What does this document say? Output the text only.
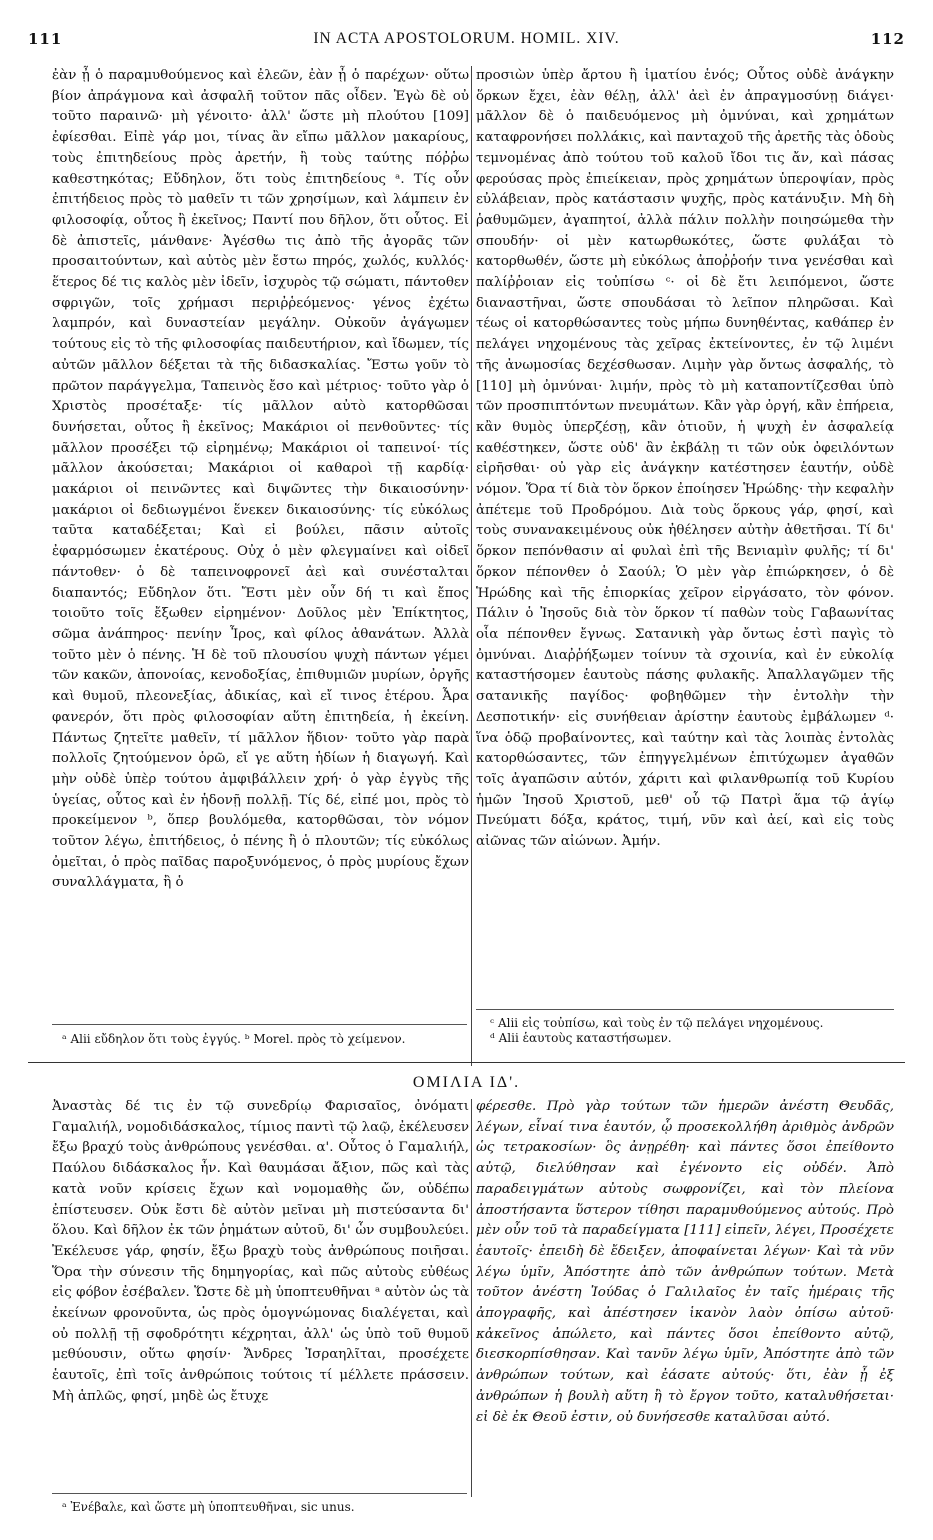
111	IN ACTA APOSTOLORUM. HOMIL. XIV.	112

ἐὰν ᾖ ὁ παραμυθούμενος καὶ ἐλεῶν, ἐὰν ᾖ ὁ παρέχων· οὕτω βίον ἀπράγμονα καὶ ἀσφαλῆ τοῦτον πᾶς οἶδεν. Ἐγὼ δὲ οὐ τοῦτο παραινῶ· μὴ γένοιτο· ἀλλ' ὥστε μὴ πλούτου [109] ἐφίεσθαι. Εἰπὲ γάρ μοι, τίνας ἂν εἴπω μᾶλλον μακαρίους, τοὺς ἐπιτηδείους πρὸς ἀρετήν, ἢ τοὺς ταύτης πόῤῥω καθεστηκότας; Εὔδηλον, ὅτι τοὺς ἐπιτηδείους ᵃ. Τίς οὖν ἐπιτήδειος πρὸς τὸ μαθεῖν τι τῶν χρησίμων, καὶ λάμπειν ἐν φιλοσοφίᾳ, οὗτος ἢ ἐκεῖνος; Παντί που δῆλον, ὅτι οὗτος. Εἰ δὲ ἀπιστεῖς, μάνθανε· Ἀγέσθω τις ἀπὸ τῆς ἀγορᾶς τῶν προσαιτούντων, καὶ αὐτὸς μὲν ἔστω πηρός, χωλός, κυλλός· ἕτερος δέ τις καλὸς μὲν ἰδεῖν, ἰσχυρὸς τῷ σώματι, πάντοθεν σφριγῶν, τοῖς χρήμασι περιῤῥεόμενος· γένος ἐχέτω λαμπρόν, καὶ δυναστείαν μεγάλην. Οὐκοῦν ἀγάγωμεν τούτους εἰς τὸ τῆς φιλοσοφίας παιδευτήριον, καὶ ἴδωμεν, τίς αὐτῶν μᾶλλον δέξεται τὰ τῆς διδασκαλίας. Ἔστω γοῦν τὸ πρῶτον παράγγελμα, Ταπεινὸς ἔσο καὶ μέτριος· τοῦτο γὰρ ὁ Χριστὸς προσέταξε· τίς μᾶλλον αὐτὸ κατορθῶσαι δυνήσεται, οὗτος ἢ ἐκεῖνος; Μακάριοι οἱ πενθοῦντες· τίς μᾶλλον προσέξει τῷ εἰρημένῳ; Μακάριοι οἱ ταπεινοί· τίς μᾶλλον ἀκούσεται; Μακάριοι οἱ καθαροὶ τῇ καρδίᾳ· μακάριοι οἱ πεινῶντες καὶ διψῶντες τὴν δικαιοσύνην· μακάριοι οἱ δεδιωγμένοι ἕνεκεν δικαιοσύνης· τίς εὐκόλως ταῦτα καταδέξεται; Καὶ εἰ βούλει, πᾶσιν αὐτοῖς ἐφαρμόσωμεν ἑκατέρους. Οὐχ ὁ μὲν φλεγμαίνει καὶ οἰδεῖ πάντοθεν· ὁ δὲ ταπεινοφρονεῖ ἀεὶ καὶ συνέσταλται διαπαντός; Εὔδηλον ὅτι. Ἔστι μὲν οὖν δή τι καὶ ἔπος τοιοῦτο τοῖς ἔξωθεν εἰρημένον· Δοῦλος μὲν Ἐπίκτητος, σῶμα ἀνάπηρος· πενίην Ἶρος, καὶ φίλος ἀθανάτων. Ἀλλὰ τοῦτο μὲν ὁ πένης. Ἡ δὲ τοῦ πλουσίου ψυχὴ πάντων γέμει τῶν κακῶν, ἀπονοίας, κενοδοξίας, ἐπιθυμιῶν μυρίων, ὀργῆς καὶ θυμοῦ, πλεονεξίας, ἀδικίας, καὶ εἴ τινος ἑτέρου. Ἆρα φανερόν, ὅτι πρὸς φιλοσοφίαν αὕτη ἐπιτηδεία, ἡ ἐκείνη. Πάντως ζητεῖτε μαθεῖν, τί μᾶλλον ἥδιον· τοῦτο γὰρ παρὰ πολλοῖς ζητούμενον ὁρῶ, εἴ γε αὕτη ἡδίων ἡ διαγωγή. Καὶ μὴν οὐδὲ ὑπὲρ τούτου ἀμφιβάλλειν χρή· ὁ γὰρ ἐγγὺς τῆς ὑγείας, οὗτος καὶ ἐν ἡδονῇ πολλῇ. Τίς δέ, εἰπέ μοι, πρὸς τὸ προκείμενον ᵇ, ὅπερ βουλόμεθα, κατορθῶσαι, τὸν νόμον τοῦτον λέγω, ἐπιτήδειος, ὁ πένης ἢ ὁ πλουτῶν; τίς εὐκόλως ὀμεῖται, ὁ πρὸς παῖδας παροξυνόμενος, ὁ πρὸς μυρίους ἔχων συναλλάγματα, ἢ ὁ

προσιὼν ὑπὲρ ἄρτου ἢ ἱματίου ἑνός; Οὗτος οὐδὲ ἀνάγκην ὅρκων ἔχει, ἐὰν θέλῃ, ἀλλ' ἀεὶ ἐν ἀπραγμοσύνῃ διάγει· μᾶλλον δὲ ὁ παιδευόμενος μὴ ὀμνύναι, καὶ χρημάτων καταφρονήσει πολλάκις, καὶ πανταχοῦ τῆς ἀρετῆς τὰς ὁδοὺς τεμνομένας ἀπὸ τούτου τοῦ καλοῦ ἴδοι τις ἄν, καὶ πάσας φερούσας πρὸς ἐπιείκειαν, πρὸς χρημάτων ὑπεροψίαν, πρὸς εὐλάβειαν, πρὸς κατάστασιν ψυχῆς, πρὸς κατάνυξιν. Μὴ δὴ ῥαθυμῶμεν, ἀγαπητοί, ἀλλὰ πάλιν πολλὴν ποιησώμεθα τὴν σπουδήν· οἱ μὲν κατωρθωκότες, ὥστε φυλάξαι τὸ κατορθωθέν, ὥστε μὴ εὐκόλως ἀποῤῥοήν τινα γενέσθαι καὶ παλίῤῥοιαν εἰς τοὐπίσω ᶜ· οἱ δὲ ἔτι λειπόμενοι, ὥστε διαναστῆναι, ὥστε σπουδάσαι τὸ λεῖπον πληρῶσαι. Καὶ τέως οἱ κατορθώσαντες τοὺς μήπω δυνηθέντας, καθάπερ ἐν πελάγει νηχομένους τὰς χεῖρας ἐκτείνοντες, ἐν τῷ λιμένι τῆς ἀνωμοσίας δεχέσθωσαν. Λιμὴν γὰρ ὄντως ἀσφαλής, τὸ [110] μὴ ὀμνύναι· λιμήν, πρὸς τὸ μὴ καταποντίζεσθαι ὑπὸ τῶν προσπιπτόντων πνευμάτων. Κἂν γὰρ ὀργή, κἂν ἐπήρεια, κἂν θυμὸς ὑπερζέσῃ, κἂν ὁτιοῦν, ἡ ψυχὴ ἐν ἀσφαλείᾳ καθέστηκεν, ὥστε οὐδ' ἂν ἐκβάλῃ τι τῶν οὐκ ὀφειλόντων εἰρῆσθαι· οὐ γὰρ εἰς ἀνάγκην κατέστησεν ἑαυτήν, οὐδὲ νόμον. Ὅρα τί διὰ τὸν ὅρκον ἐποίησεν Ἡρώδης· τὴν κεφαλὴν ἀπέτεμε τοῦ Προδρόμου. Διὰ τοὺς ὅρκους γάρ, φησί, καὶ τοὺς συνανακειμένους οὐκ ἠθέλησεν αὐτὴν ἀθετῆσαι. Τί δι' ὅρκον πεπόνθασιν αἱ φυλαὶ ἐπὶ τῆς Βενιαμὶν φυλῆς; τί δι' ὅρκον πέπονθεν ὁ Σαούλ; Ὁ μὲν γὰρ ἐπιώρκησεν, ὁ δὲ Ἡρώδης καὶ τῆς ἐπιορκίας χεῖρον εἰργάσατο, τὸν φόνον. Πάλιν ὁ Ἰησοῦς διὰ τὸν ὅρκον τί παθὼν τοὺς Γαβαωνίτας οἷα πέπονθεν ἔγνως. Σατανικὴ γὰρ ὄντως ἐστὶ παγὶς τὸ ὀμνύναι. Διαῤῥήξωμεν τοίνυν τὰ σχοινία, καὶ ἐν εὐκολίᾳ καταστήσομεν ἑαυτοὺς πάσης φυλακῆς. Ἀπαλλαγῶμεν τῆς σατανικῆς παγίδος· φοβηθῶμεν τὴν ἐντολὴν τὴν Δεσποτικήν· εἰς συνήθειαν ἀρίστην ἑαυτοὺς ἐμβάλωμεν ᵈ· ἵνα ὁδῷ προβαίνοντες, καὶ ταύτην καὶ τὰς λοιπὰς ἐντολὰς κατορθώσαντες, τῶν ἐπηγγελμένων ἐπιτύχωμεν ἀγαθῶν τοῖς ἀγαπῶσιν αὐτόν, χάριτι καὶ φιλανθρωπίᾳ τοῦ Κυρίου ἡμῶν Ἰησοῦ Χριστοῦ, μεθ' οὗ τῷ Πατρὶ ἅμα τῷ ἁγίῳ Πνεύματι δόξα, κράτος, τιμή, νῦν καὶ ἀεί, καὶ εἰς τοὺς αἰῶνας τῶν αἰώνων. Ἀμήν.

ᵃ Alii εὔδηλον ὅτι τοὺς ἐγγύς. ᵇ Morel. πρὸς τὸ χείμενον.
ᶜ Alii εἰς τοὐπίσω, καὶ τοὺς ἐν τῷ πελάγει νηχομένους.
ᵈ Alii ἑαυτοὺς καταστήσωμεν.
ΟΜΙΛΙΑ ΙΔ'.

Ἀναστὰς δέ τις ἐν τῷ συνεδρίῳ Φαρισαῖος, ὀνόματι Γαμαλιήλ, νομοδιδάσκαλος, τίμιος παντὶ τῷ λαῷ, ἐκέλευσεν ἔξω βραχύ τοὺς ἀνθρώπους γενέσθαι. α'. Οὗτος ὁ Γαμαλιήλ, Παύλου διδάσκαλος ἦν. Καὶ θαυμάσαι ἄξιον, πῶς καὶ τὰς κατὰ νοῦν κρίσεις ἔχων καὶ νομομαθὴς ὤν, οὐδέπω ἐπίστευσεν. Οὐκ ἔστι δὲ αὐτὸν μεῖναι μὴ πιστεύσαντα δι' ὅλου. Καὶ δῆλον ἐκ τῶν ῥημάτων αὐτοῦ, δι' ὧν συμβουλεύει. Ἐκέλευσε γάρ, φησίν, ἔξω βραχὺ τοὺς ἀνθρώπους ποιῆσαι. Ὅρα τὴν σύνεσιν τῆς δημηγορίας, καὶ πῶς αὐτοὺς εὐθέως εἰς φόβον ἐσέβαλεν. Ὥστε δὲ μὴ ὑποπτευθῆναι ᵃ αὐτὸν ὡς τὰ ἐκείνων φρονοῦντα, ὡς πρὸς ὁμογνώμονας διαλέγεται, καὶ οὐ πολλῇ τῇ σφοδρότητι κέχρηται, ἀλλ' ὡς ὑπὸ τοῦ θυμοῦ μεθύουσιν, οὕτω φησίν· Ἄνδρες Ἰσραηλῖται, προσέχετε ἑαυτοῖς, ἐπὶ τοῖς ἀνθρώποις τούτοις τί μέλλετε πράσσειν. Μὴ ἁπλῶς, φησί, μηδὲ ὡς ἔτυχε

φέρεσθε. Πρὸ γὰρ τούτων τῶν ἡμερῶν ἀνέστη Θευδᾶς, λέγων, εἶναί τινα ἑαυτόν, ᾧ προσεκολλήθη ἀριθμὸς ἀνδρῶν ὡς τετρακοσίων· ὃς ἀνῃρέθη· καὶ πάντες ὅσοι ἐπείθοντο αὐτῷ, διελύθησαν καὶ ἐγένοντο εἰς οὐδέν. Ἀπὸ παραδειγμάτων αὐτοὺς σωφρονίζει, καὶ τὸν πλείονα ἀποστήσαντα ὕστερον τίθησι παραμυθούμενος αὐτούς. Πρὸ μὲν οὖν τοῦ τὰ παραδείγματα [111] εἰπεῖν, λέγει, Προσέχετε ἑαυτοῖς· ἐπειδὴ δὲ ἔδειξεν, ἀποφαίνεται λέγων· Καὶ τὰ νῦν λέγω ὑμῖν, Ἀπόστητε ἀπὸ τῶν ἀνθρώπων τούτων. Μετὰ τοῦτον ἀνέστη Ἰούδας ὁ Γαλιλαῖος ἐν ταῖς ἡμέραις τῆς ἀπογραφῆς, καὶ ἀπέστησεν ἱκανὸν λαὸν ὀπίσω αὐτοῦ· κἀκεῖνος ἀπώλετο, καὶ πάντες ὅσοι ἐπείθοντο αὐτῷ, διεσκορπίσθησαν. Καὶ τανῦν λέγω ὑμῖν, Ἀπόστητε ἀπὸ τῶν ἀνθρώπων τούτων, καὶ ἐάσατε αὐτούς· ὅτι, ἐὰν ᾖ ἐξ ἀνθρώπων ἡ βουλὴ αὕτη ἢ τὸ ἔργον τοῦτο, καταλυθήσεται· εἰ δὲ ἐκ Θεοῦ ἐστιν, οὐ δυνήσεσθε καταλῦσαι αὐτό.

ᵃ Ἐνέβαλε, καὶ ὥστε μὴ ὑποπτευθῆναι, sic unus.
